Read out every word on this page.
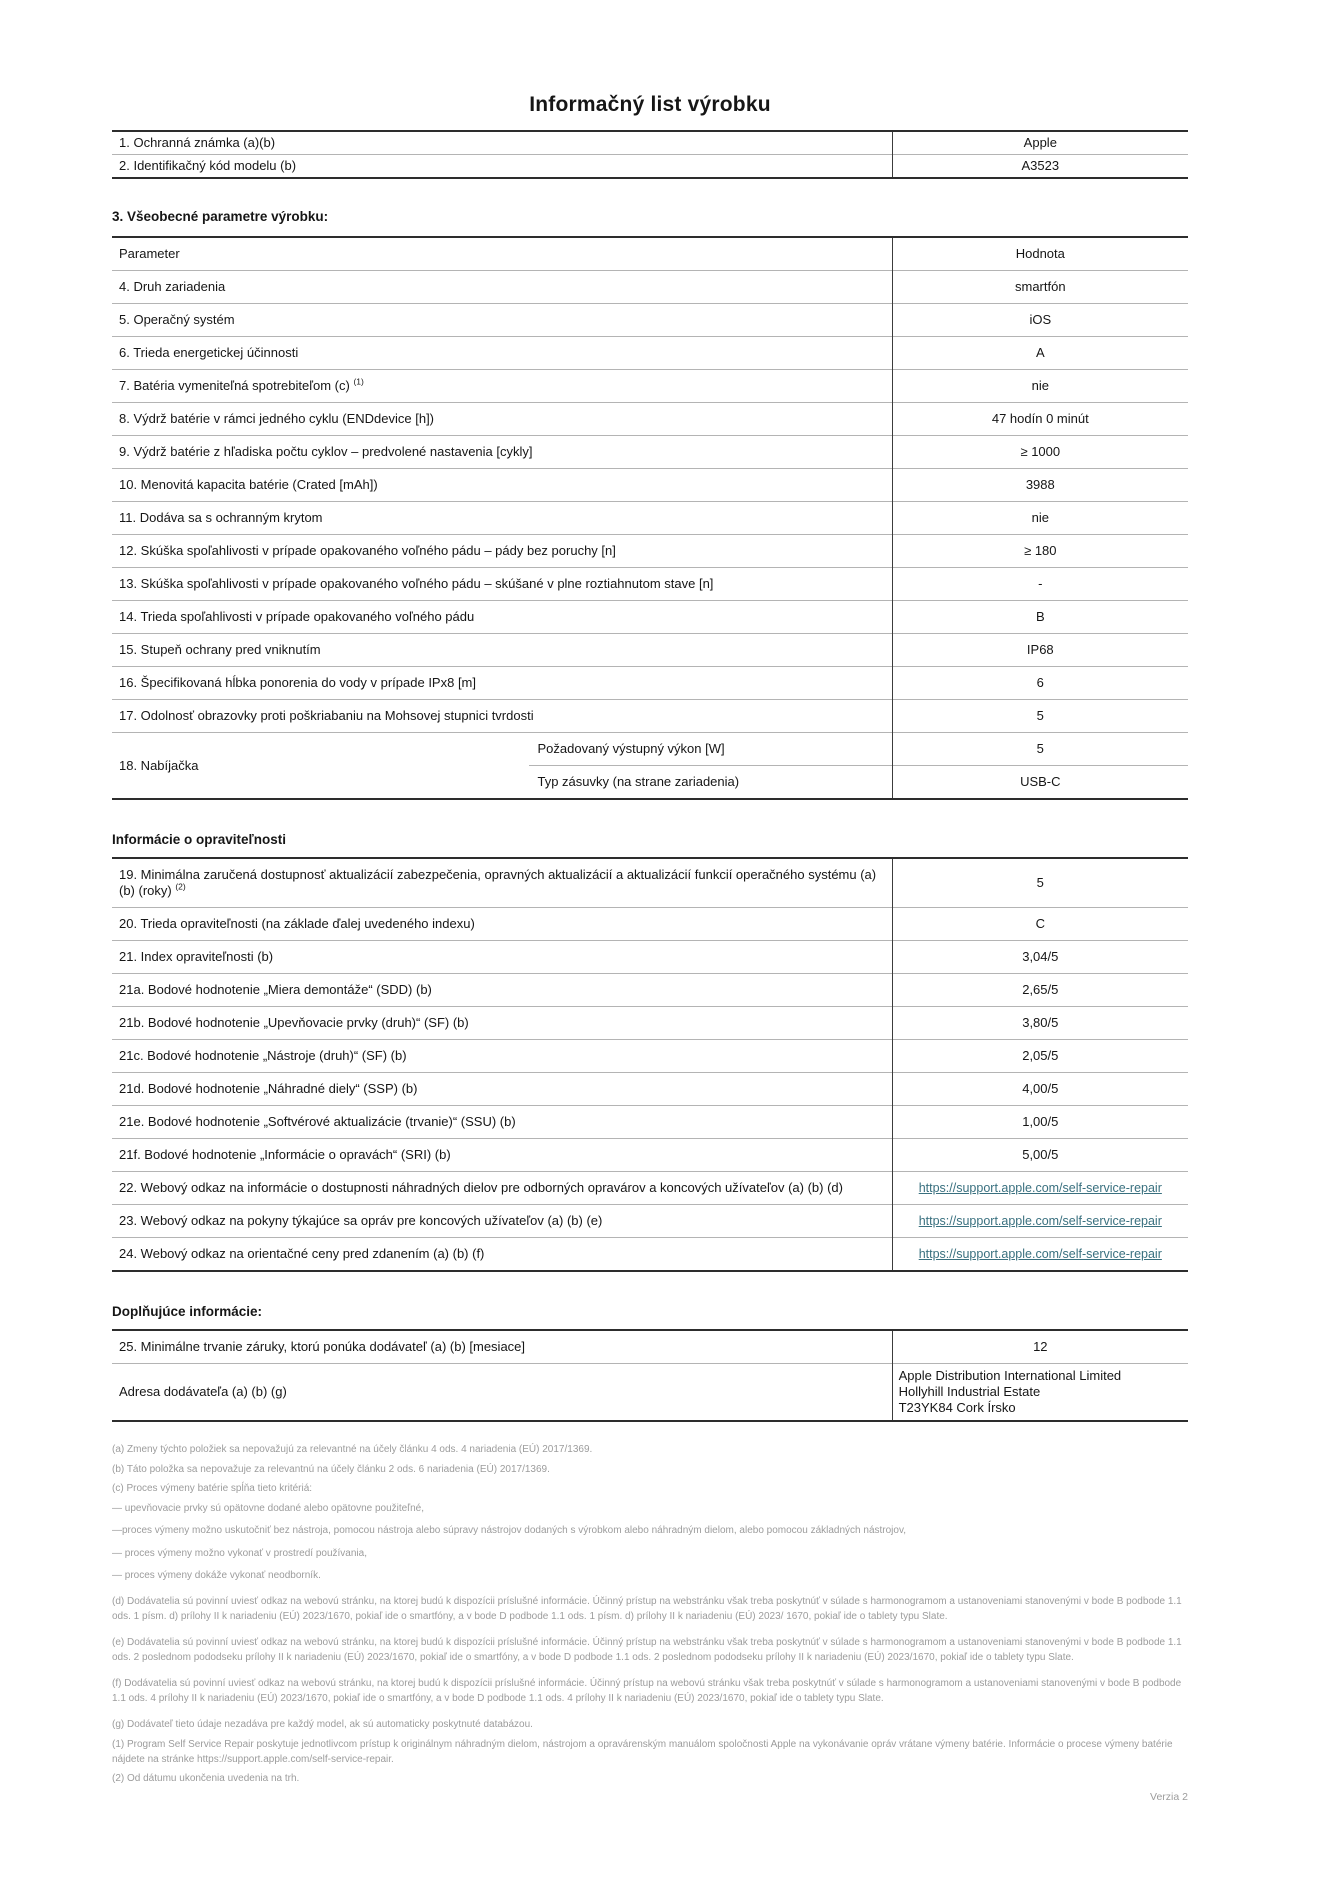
Informačný list výrobku
1. Ochranná známka (a)(b)	Apple
2. Identifikačný kód modelu (b)	A3523
3. Všeobecné parametre výrobku:
Parameter		Hodnota
4. Druh zariadenia		smartfón
5. Operačný systém		iOS
6. Trieda energetickej účinnosti		A
7. Batéria vymeniteľná spotrebiteľom (c) $^{(1)}$		nie
8. Výdrž batérie v rámci jedného cyklu (ENDdevice [h])		47 hodín 0 minút
9. Výdrž batérie z hľadiska počtu cyklov – predvolené nastavenia [cykly]		≥ 1000
10. Menovitá kapacita batérie (Crated [mAh])		3988
11. Dodáva sa s ochranným krytom		nie
12. Skúška spoľahlivosti v prípade opakovaného voľného pádu – pády bez poruchy [n]		≥ 180
13. Skúška spoľahlivosti v prípade opakovaného voľného pádu – skúšané v plne roztiahnutom stave [n]		-
14. Trieda spoľahlivosti v prípade opakovaného voľného pádu		B
15. Stupeň ochrany pred vniknutím		IP68
16. Špecifikovaná hĺbka ponorenia do vody v prípade IPx8 [m]		6
17. Odolnosť obrazovky proti poškriabaniu na Mohsovej stupnici tvrdosti		5
18. Nabíjačka	Požadovaný výstupný výkon [W]	5
	Typ zásuvky (na strane zariadenia)	USB-C
Informácie o opraviteľnosti
19. Minimálna zaručená dostupnosť aktualizácií zabezpečenia, opravných aktualizácií a aktualizácií funkcií operačného systému (a) (b) (roky) $^{(2)}$	5
20. Trieda opraviteľnosti (na základe ďalej uvedeného indexu)	C
21. Index opraviteľnosti (b)	3,04/5
21a. Bodové hodnotenie „Miera demontáže“ (SDD) (b)	2,65/5
21b. Bodové hodnotenie „Upevňovacie prvky (druh)“ (SF) (b)	3,80/5
21c. Bodové hodnotenie „Nástroje (druh)“ (SF) (b)	2,05/5
21d. Bodové hodnotenie „Náhradné diely“ (SSP) (b)	4,00/5
21e. Bodové hodnotenie „Softvérové aktualizácie (trvanie)“ (SSU) (b)	1,00/5
21f. Bodové hodnotenie „Informácie o opravách“ (SRI) (b)	5,00/5
22. Webový odkaz na informácie o dostupnosti náhradných dielov pre odborných opravárov a koncových užívateľov (a) (b) (d)	https://support.apple.com/self-service-repair
23. Webový odkaz na pokyny týkajúce sa opráv pre koncových užívateľov (a) (b) (e)	https://support.apple.com/self-service-repair
24. Webový odkaz na orientačné ceny pred zdanením (a) (b) (f)	https://support.apple.com/self-service-repair
Doplňujúce informácie:
25. Minimálne trvanie záruky, ktorú ponúka dodávateľ (a) (b) [mesiace]	12
Adresa dodávateľa (a) (b) (g)	Apple Distribution International Limited
Hollyhill Industrial Estate
T23YK84 Cork Írsko

(a) Zmeny týchto položiek sa nepovažujú za relevantné na účely článku 4 ods. 4 nariadenia (EÚ) 2017/1369.

(b) Táto položka sa nepovažuje za relevantnú na účely článku 2 ods. 6 nariadenia (EÚ) 2017/1369.

(c) Proces výmeny batérie spĺňa tieto kritériá:

— upevňovacie prvky sú opätovne dodané alebo opätovne použiteľné,

—proces výmeny možno uskutočniť bez nástroja, pomocou nástroja alebo súpravy nástrojov dodaných s výrobkom alebo náhradným dielom, alebo pomocou základných nástrojov,

— proces výmeny možno vykonať v prostredí používania,

— proces výmeny dokáže vykonať neodborník.

(d) Dodávatelia sú povinní uviesť odkaz na webovú stránku, na ktorej budú k dispozícii príslušné informácie. Účinný prístup na webstránku však treba poskytnúť v súlade s harmonogramom a ustanoveniami stanovenými v bode B podbode 1.1 ods. 1 písm. d) prílohy II k nariadeniu (EÚ) 2023/1670, pokiaľ ide o smartfóny, a v bode D podbode 1.1 ods. 1 písm. d) prílohy II k nariadeniu (EÚ) 2023/ 1670, pokiaľ ide o tablety typu Slate.

(e) Dodávatelia sú povinní uviesť odkaz na webovú stránku, na ktorej budú k dispozícii príslušné informácie. Účinný prístup na webstránku však treba poskytnúť v súlade s harmonogramom a ustanoveniami stanovenými v bode B podbode 1.1 ods. 2 poslednom pododseku prílohy II k nariadeniu (EÚ) 2023/1670, pokiaľ ide o smartfóny, a v bode D podbode 1.1 ods. 2 poslednom pododseku prílohy II k nariadeniu (EÚ) 2023/1670, pokiaľ ide o tablety typu Slate.

(f) Dodávatelia sú povinní uviesť odkaz na webovú stránku, na ktorej budú k dispozícii príslušné informácie. Účinný prístup na webovú stránku však treba poskytnúť v súlade s harmonogramom a ustanoveniami stanovenými v bode B podbode 1.1 ods. 4 prílohy II k nariadeniu (EÚ) 2023/1670, pokiaľ ide o smartfóny, a v bode D podbode 1.1 ods. 4 prílohy II k nariadeniu (EÚ) 2023/1670, pokiaľ ide o tablety typu Slate.

(g) Dodávateľ tieto údaje nezadáva pre každý model, ak sú automaticky poskytnuté databázou.

(1) Program Self Service Repair poskytuje jednotlivcom prístup k originálnym náhradným dielom, nástrojom a opravárenským manuálom spoločnosti Apple na vykonávanie opráv vrátane výmeny batérie. Informácie o procese výmeny batérie nájdete na stránke https://support.apple.com/self-service-repair.

(2) Od dátumu ukončenia uvedenia na trh.

Verzia 2
